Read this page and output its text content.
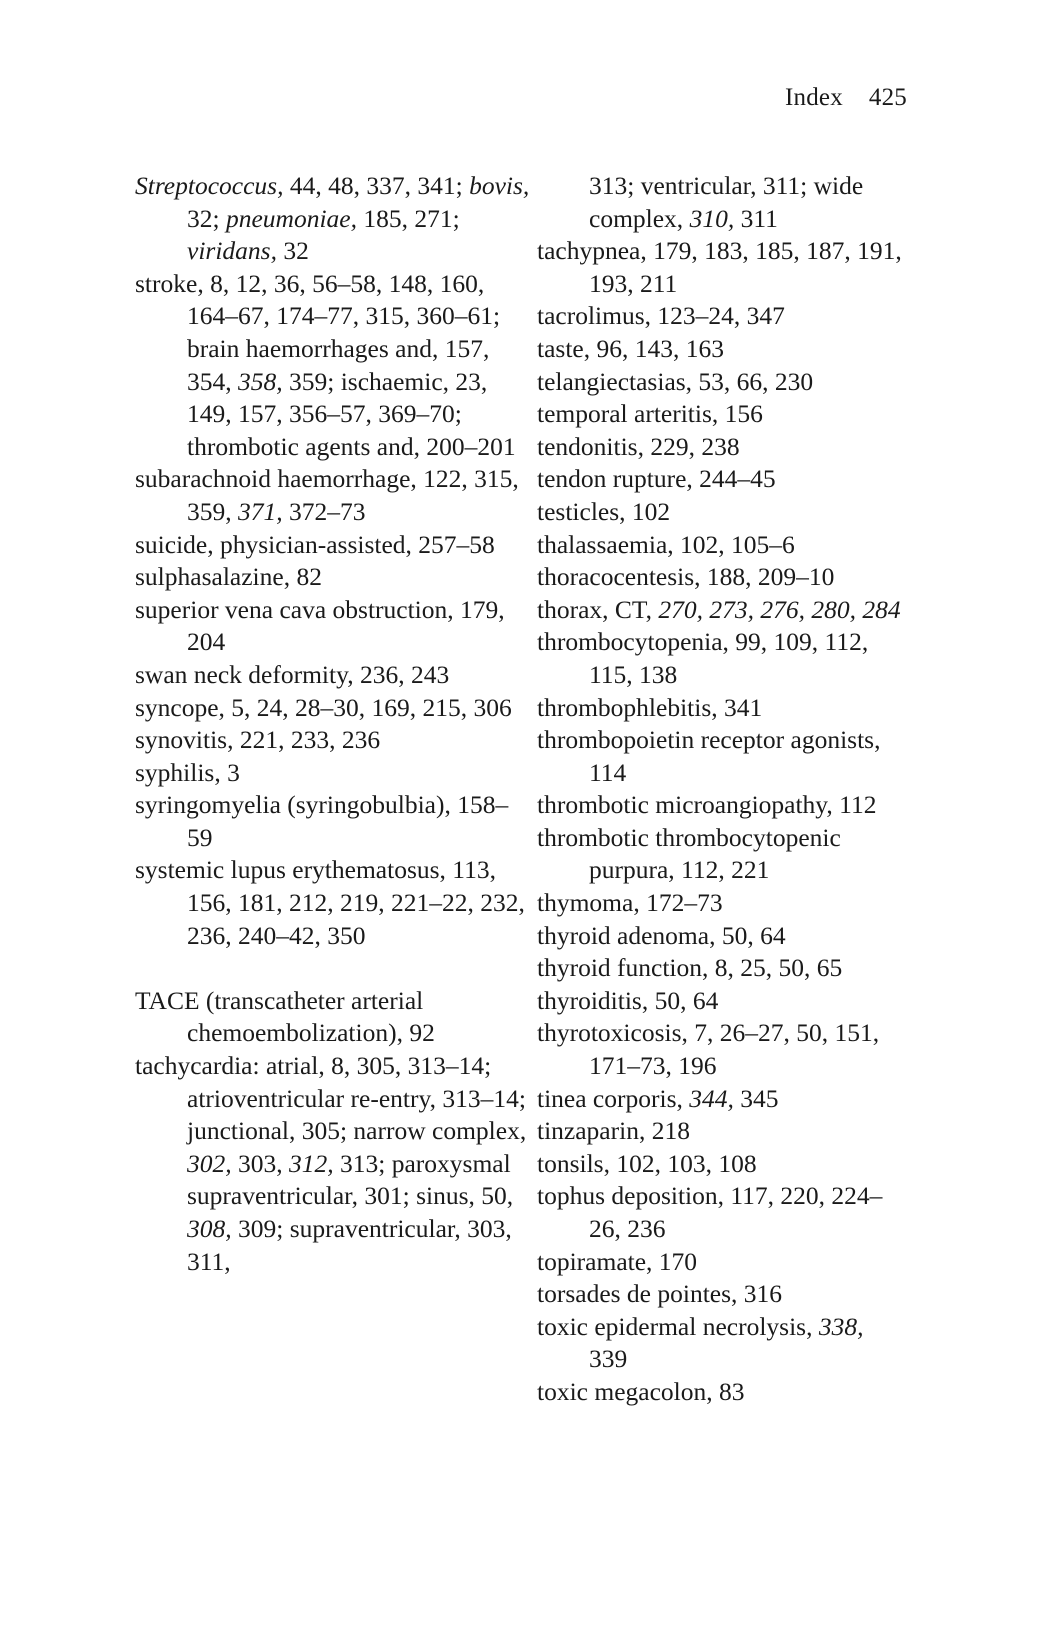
Index 425
Streptococcus, 44, 48, 337, 341; bovis, 32; pneumoniae, 185, 271; viridans, 32
stroke, 8, 12, 36, 56–58, 148, 160, 164–67, 174–77, 315, 360–61; brain haemorrhages and, 157, 354, 358, 359; ischaemic, 23, 149, 157, 356–57, 369–70; thrombotic agents and, 200–201
subarachnoid haemorrhage, 122, 315, 359, 371, 372–73
suicide, physician-assisted, 257–58
sulphasalazine, 82
superior vena cava obstruction, 179, 204
swan neck deformity, 236, 243
syncope, 5, 24, 28–30, 169, 215, 306
synovitis, 221, 233, 236
syphilis, 3
syringomyelia (syringobulbia), 158–59
systemic lupus erythematosus, 113, 156, 181, 212, 219, 221–22, 232, 236, 240–42, 350
TACE (transcatheter arterial chemoembolization), 92
tachycardia: atrial, 8, 305, 313–14; atrioventricular re-entry, 313–14; junctional, 305; narrow complex, 302, 303, 312, 313; paroxysmal supraventricular, 301; sinus, 50, 308, 309; supraventricular, 303, 311,
313; ventricular, 311; wide complex, 310, 311
tachypnea, 179, 183, 185, 187, 191, 193, 211
tacrolimus, 123–24, 347
taste, 96, 143, 163
telangiectasias, 53, 66, 230
temporal arteritis, 156
tendonitis, 229, 238
tendon rupture, 244–45
testicles, 102
thalassaemia, 102, 105–6
thoracocentesis, 188, 209–10
thorax, CT, 270, 273, 276, 280, 284
thrombocytopenia, 99, 109, 112, 115, 138
thrombophlebitis, 341
thrombopoietin receptor agonists, 114
thrombotic microangiopathy, 112
thrombotic thrombocytopenic purpura, 112, 221
thymoma, 172–73
thyroid adenoma, 50, 64
thyroid function, 8, 25, 50, 65
thyroiditis, 50, 64
thyrotoxicosis, 7, 26–27, 50, 151, 171–73, 196
tinea corporis, 344, 345
tinzaparin, 218
tonsils, 102, 103, 108
tophus deposition, 117, 220, 224–26, 236
topiramate, 170
torsades de pointes, 316
toxic epidermal necrolysis, 338, 339
toxic megacolon, 83
